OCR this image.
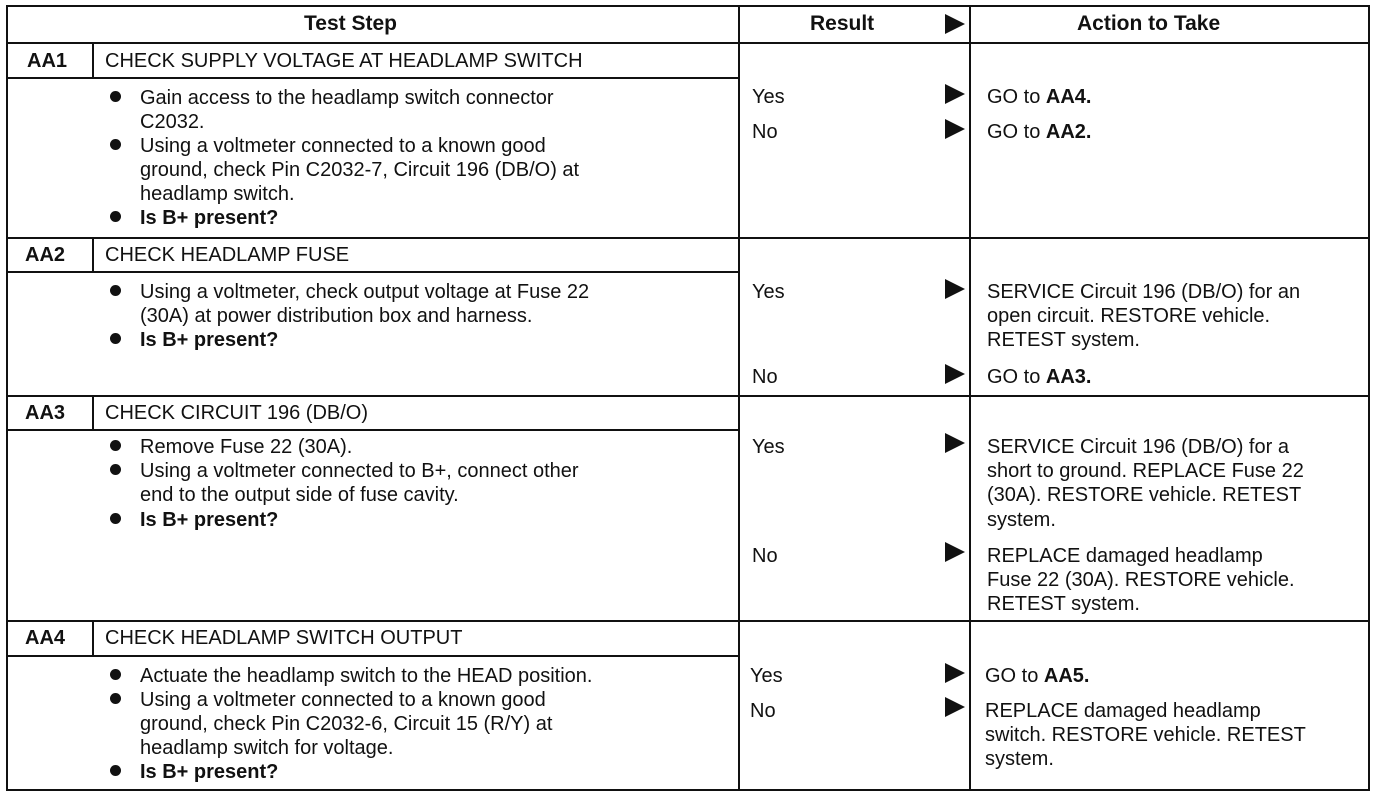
Test Step	Result	Action to Take
AA1 CHECK SUPPLY VOLTAGE AT HEADLAMP SWITCH
Gain access to the headlamp switch connector
C2032.
Using a voltmeter connected to a known good
ground, check Pin C2032-7, Circuit 196 (DB/O) at
headlamp switch.
Is B+ present?
Yes	GO to AA4.
No	GO to AA2.
AA2 CHECK HEADLAMP FUSE
Using a voltmeter, check output voltage at Fuse 22
(30A) at power distribution box and harness.
Is B+ present?
Yes	SERVICE Circuit 196 (DB/O) for an
open circuit. RESTORE vehicle.
RETEST system.
No	GO to AA3.
AA3 CHECK CIRCUIT 196 (DB/O)
Remove Fuse 22 (30A).
Using a voltmeter connected to B+, connect other
end to the output side of fuse cavity.
Is B+ present?
Yes	SERVICE Circuit 196 (DB/O) for a
short to ground. REPLACE Fuse 22
(30A). RESTORE vehicle. RETEST
system.
No	REPLACE damaged headlamp
Fuse 22 (30A). RESTORE vehicle.
RETEST system.
AA4 CHECK HEADLAMP SWITCH OUTPUT
Actuate the headlamp switch to the HEAD position.
Using a voltmeter connected to a known good
ground, check Pin C2032-6, Circuit 15 (R/Y) at
headlamp switch for voltage.
Is B+ present?
Yes	GO to AA5.
No	REPLACE damaged headlamp
switch. RESTORE vehicle. RETEST
system.
